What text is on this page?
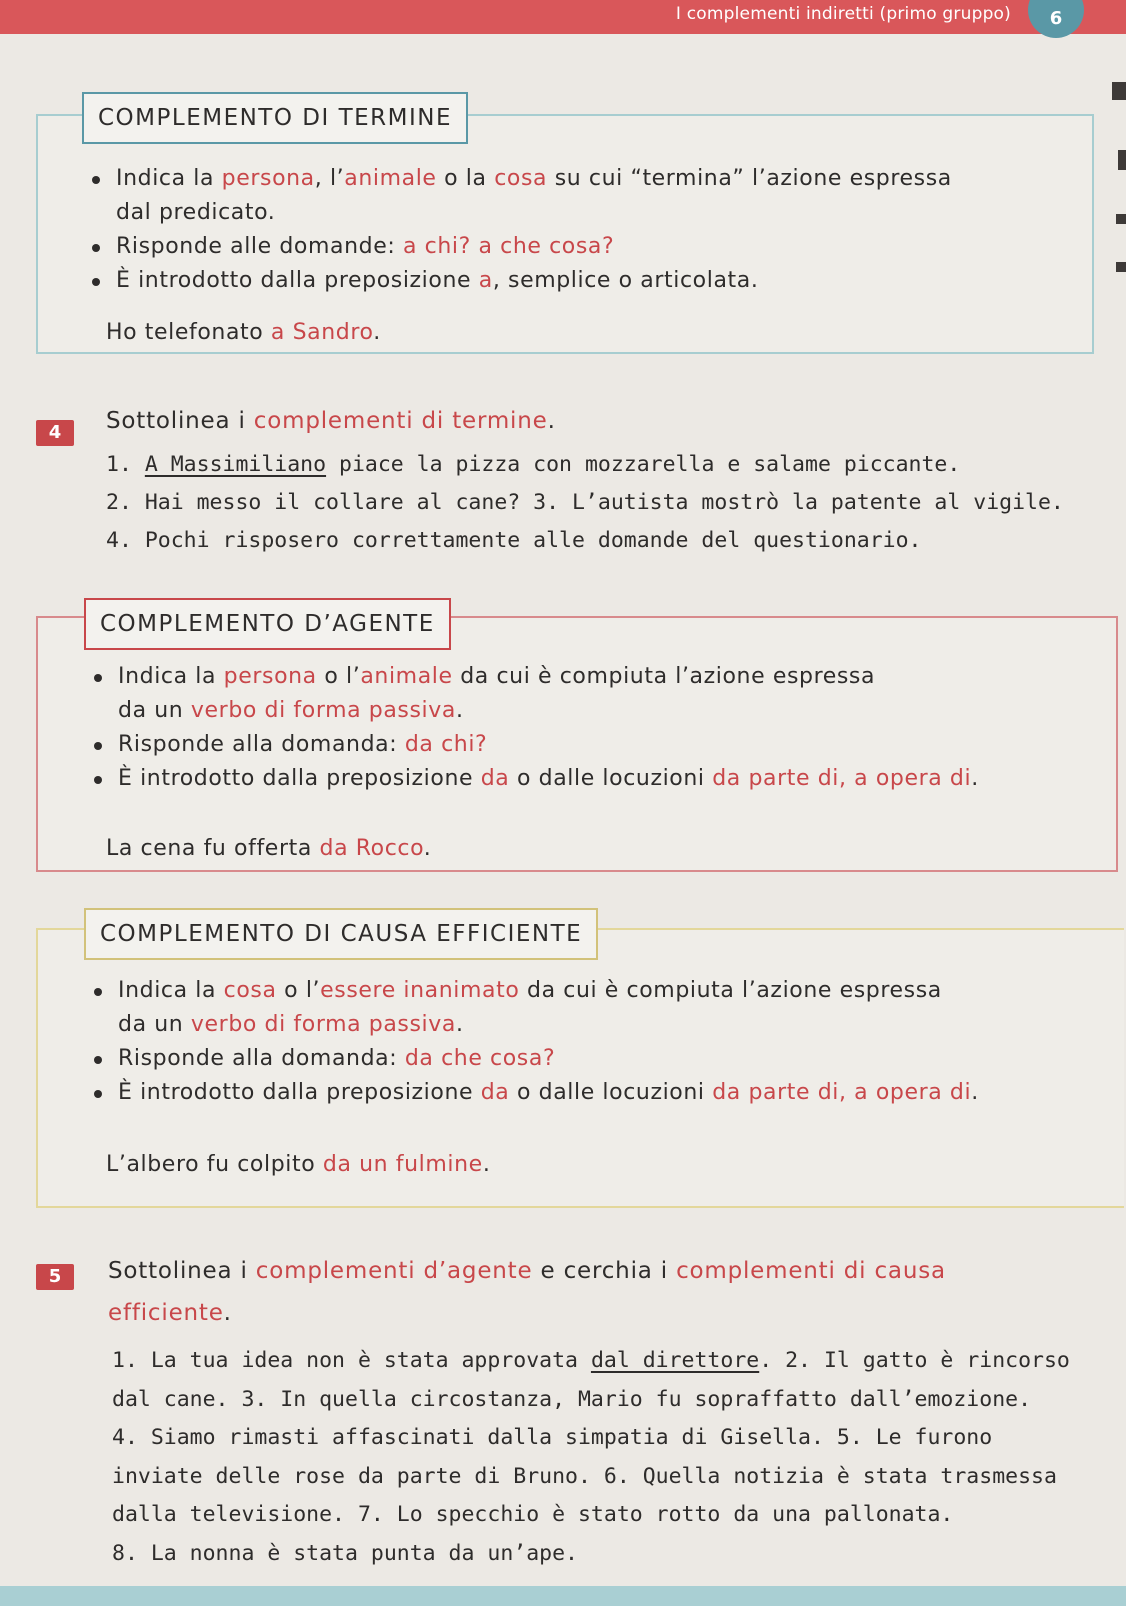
I complementi indiretti (primo gruppo)	6
COMPLEMENTO DI TERMINE
Indica la persona, l’animale o la cosa su cui “termina” l’azione espressa
dal predicato.
Risponde alle domande: a chi? a che cosa?
È introdotto dalla preposizione a, semplice o articolata.
Ho telefonato a Sandro.
4	Sottolinea i complementi di termine.
1. A Massimiliano piace la pizza con mozzarella e salame piccante.
2. Hai messo il collare al cane? 3. L’autista mostrò la patente al vigile.
4. Pochi risposero correttamente alle domande del questionario.
COMPLEMENTO D’AGENTE
Indica la persona o l’animale da cui è compiuta l’azione espressa
da un verbo di forma passiva.
Risponde alla domanda: da chi?
È introdotto dalla preposizione da o dalle locuzioni da parte di, a opera di.
La cena fu offerta da Rocco.
COMPLEMENTO DI CAUSA EFFICIENTE
Indica la cosa o l’essere inanimato da cui è compiuta l’azione espressa
da un verbo di forma passiva.
Risponde alla domanda: da che cosa?
È introdotto dalla preposizione da o dalle locuzioni da parte di, a opera di.
L’albero fu colpito da un fulmine.
5	Sottolinea i complementi d’agente e cerchia i complementi di causa
efficiente.
1. La tua idea non è stata approvata dal direttore. 2. Il gatto è rincorso
dal cane. 3. In quella circostanza, Mario fu sopraffatto dall’emozione.
4. Siamo rimasti affascinati dalla simpatia di Gisella. 5. Le furono
inviate delle rose da parte di Bruno. 6. Quella notizia è stata trasmessa
dalla televisione. 7. Lo specchio è stato rotto da una pallonata.
8. La nonna è stata punta da un’ape.
